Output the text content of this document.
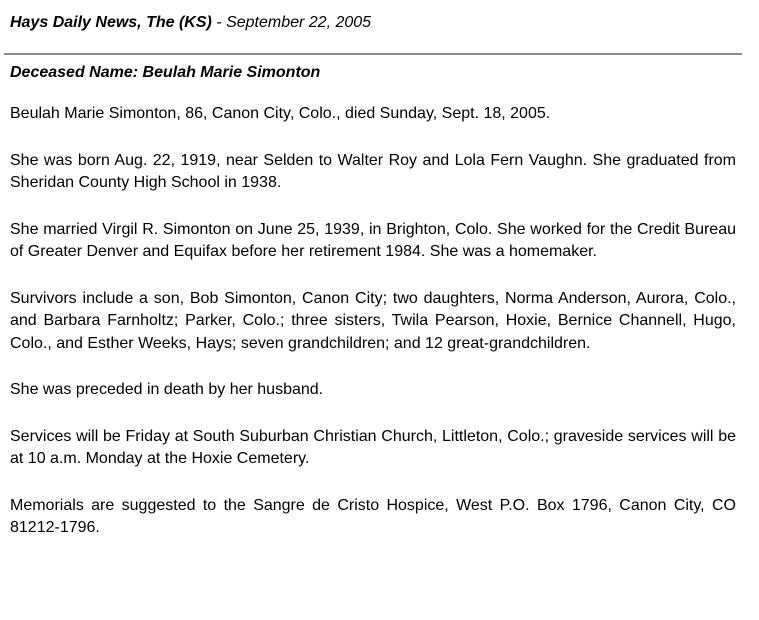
Hays Daily News, The (KS) - September 22, 2005
Deceased Name: Beulah Marie Simonton

Beulah Marie Simonton, 86, Canon City, Colo., died Sunday, Sept. 18, 2005.

She was born Aug. 22, 1919, near Selden to Walter Roy and Lola Fern Vaughn. She graduated from Sheridan County High School in 1938.

She married Virgil R. Simonton on June 25, 1939, in Brighton, Colo. She worked for the Credit Bureau of Greater Denver and Equifax before her retirement 1984. She was a homemaker.

Survivors include a son, Bob Simonton, Canon City; two daughters, Norma Anderson, Aurora, Colo., and Barbara Farnholtz; Parker, Colo.; three sisters, Twila Pearson, Hoxie, Bernice Channell, Hugo, Colo., and Esther Weeks, Hays; seven grandchildren; and 12 great-grandchildren.

She was preceded in death by her husband.

Services will be Friday at South Suburban Christian Church, Littleton, Colo.; graveside services will be at 10 a.m. Monday at the Hoxie Cemetery.

Memorials are suggested to the Sangre de Cristo Hospice, West P.O. Box 1796, Canon City, CO 81212-1796.
